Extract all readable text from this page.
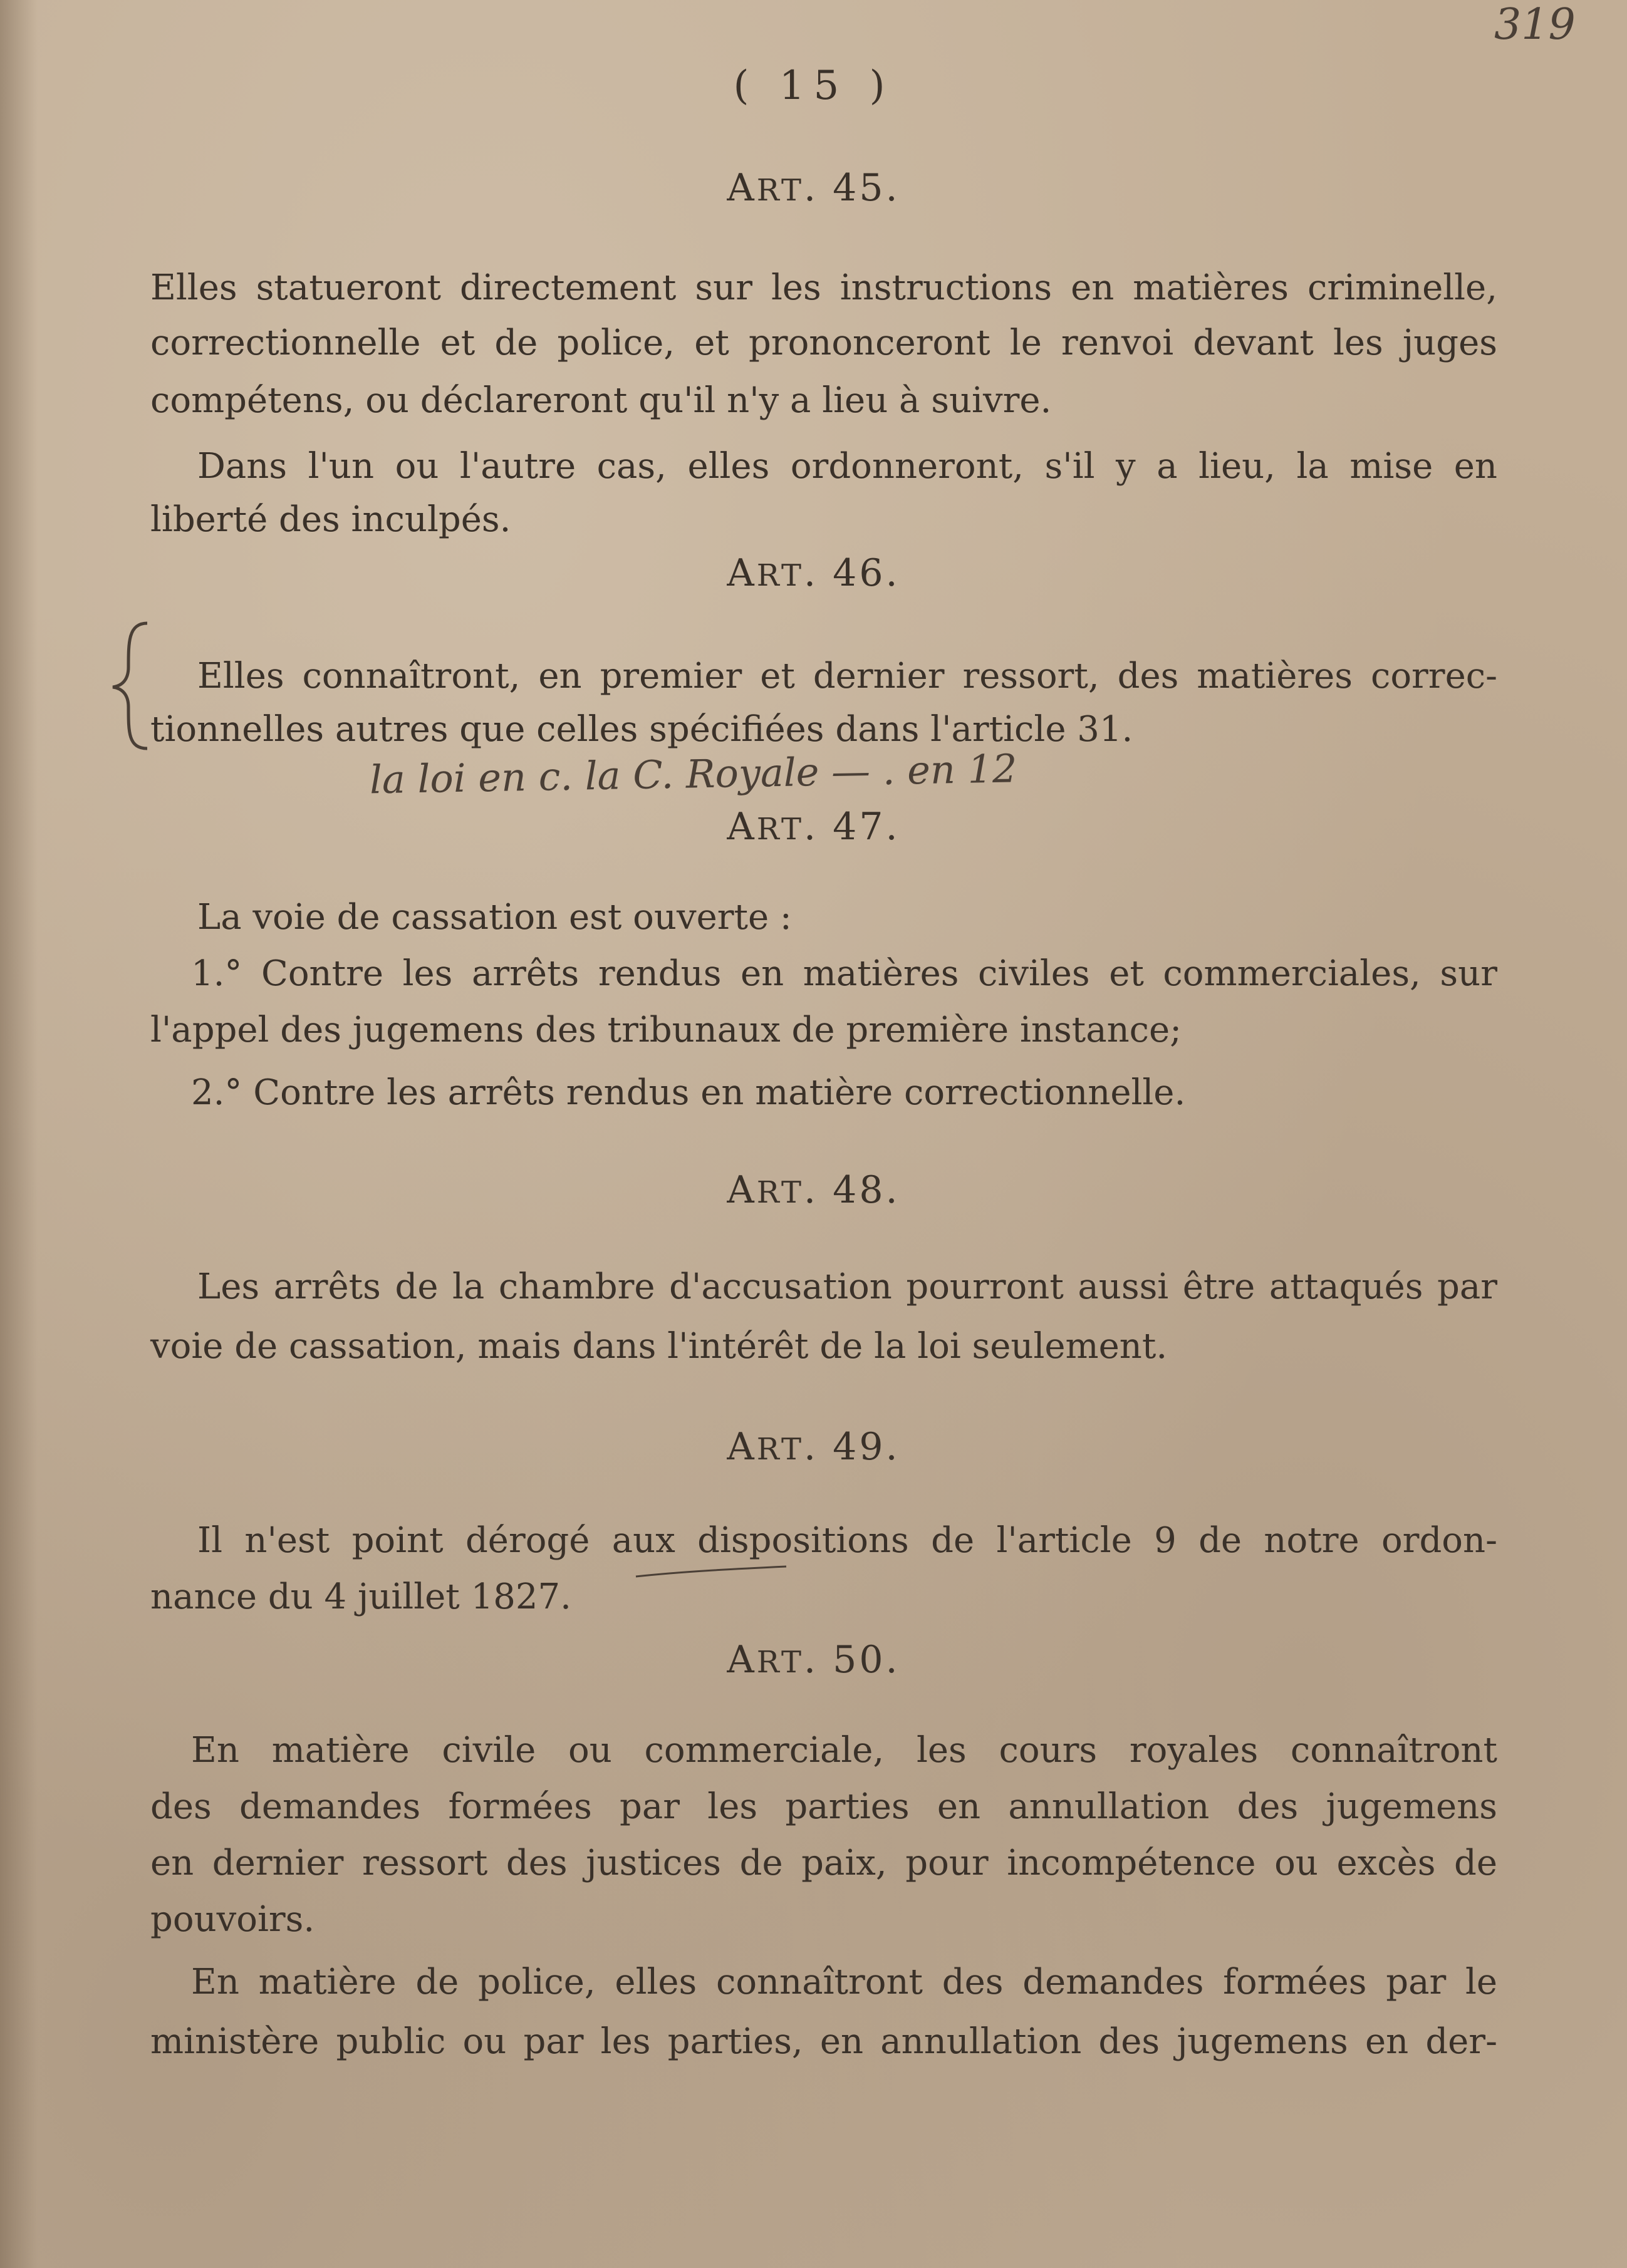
319
( 15 )
ART. 45.
Elles statueront directement sur les instructions en matières criminelle,
correctionnelle et de police, et prononceront le renvoi devant les juges
compétens, ou déclareront qu'il n'y a lieu à suivre.
Dans l'un ou l'autre cas, elles ordonneront, s'il y a lieu, la mise en
liberté des inculpés.
ART. 46.
Elles connaîtront, en premier et dernier ressort, des matières correc-
tionnelles autres que celles spécifiées dans l'article 31.
la loi en c. la C. Royale — . en 12
ART. 47.
La voie de cassation est ouverte :
1.° Contre les arrêts rendus en matières civiles et commerciales, sur
l'appel des jugemens des tribunaux de première instance;
2.° Contre les arrêts rendus en matière correctionnelle.
ART. 48.
Les arrêts de la chambre d'accusation pourront aussi être attaqués par
voie de cassation, mais dans l'intérêt de la loi seulement.
ART. 49.
Il n'est point dérogé aux dispositions de l'article 9 de notre ordon-
nance du 4 juillet 1827.
ART. 50.
En matière civile ou commerciale, les cours royales connaîtront
des demandes formées par les parties en annullation des jugemens
en dernier ressort des justices de paix, pour incompétence ou excès de
pouvoirs.
En matière de police, elles connaîtront des demandes formées par le
ministère public ou par les parties, en annullation des jugemens en der-
